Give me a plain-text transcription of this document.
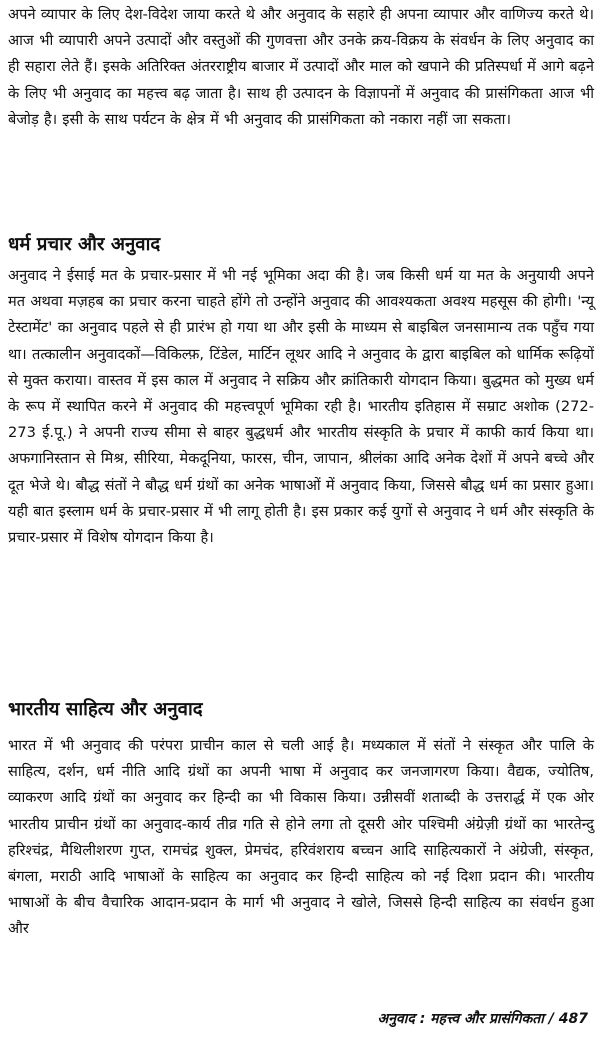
अपने व्यापार के लिए देश-विदेश जाया करते थे और अनुवाद के सहारे ही अपना व्यापार और वाणिज्य करते थे। आज भी व्यापारी अपने उत्पादों और वस्तुओं की गुणवत्ता और उनके क्रय-विक्रय के संवर्धन के लिए अनुवाद का ही सहारा लेते हैं। इसके अतिरिक्त अंतरराष्ट्रीय बाजार में उत्पादों और माल को खपाने की प्रतिस्पर्धा में आगे बढ़ने के लिए भी अनुवाद का महत्त्व बढ़ जाता है। साथ ही उत्पादन के विज्ञापनों में अनुवाद की प्रासंगिकता आज भी बेजोड़ है। इसी के साथ पर्यटन के क्षेत्र में भी अनुवाद की प्रासंगिकता को नकारा नहीं जा सकता।

धर्म प्रचार और अनुवाद

अनुवाद ने ईसाई मत के प्रचार-प्रसार में भी नई भूमिका अदा की है। जब किसी धर्म या मत के अनुयायी अपने मत अथवा मज़हब का प्रचार करना चाहते होंगे तो उन्होंने अनुवाद की आवश्यकता अवश्य महसूस की होगी। 'न्यू टेस्टामेंट' का अनुवाद पहले से ही प्रारंभ हो गया था और इसी के माध्यम से बाइबिल जनसामान्य तक पहुँच गया था। तत्कालीन अनुवादकों—विकिल्फ़, टिंडेल, मार्टिन लूथर आदि ने अनुवाद के द्वारा बाइबिल को धार्मिक रूढ़ियों से मुक्त कराया। वास्तव में इस काल में अनुवाद ने सक्रिय और क्रांतिकारी योगदान किया। बुद्धमत को मुख्य धर्म के रूप में स्थापित करने में अनुवाद की महत्त्वपूर्ण भूमिका रही है। भारतीय इतिहास में सम्राट अशोक (272-273 ई.पू.) ने अपनी राज्य सीमा से बाहर बुद्धधर्म और भारतीय संस्कृति के प्रचार में काफी कार्य किया था। अफगानिस्तान से मिश्र, सीरिया, मेकदूनिया, फारस, चीन, जापान, श्रीलंका आदि अनेक देशों में अपने बच्चे और दूत भेजे थे। बौद्ध संतों ने बौद्ध धर्म ग्रंथों का अनेक भाषाओं में अनुवाद किया, जिससे बौद्ध धर्म का प्रसार हुआ। यही बात इस्लाम धर्म के प्रचार-प्रसार में भी लागू होती है। इस प्रकार कई युगों से अनुवाद ने धर्म और संस्कृति के प्रचार-प्रसार में विशेष योगदान किया है।

भारतीय साहित्य और अनुवाद

भारत में भी अनुवाद की परंपरा प्राचीन काल से चली आई है। मध्यकाल में संतों ने संस्कृत और पालि के साहित्य, दर्शन, धर्म नीति आदि ग्रंथों का अपनी भाषा में अनुवाद कर जनजागरण किया। वैद्यक, ज्योतिष, व्याकरण आदि ग्रंथों का अनुवाद कर हिन्दी का भी विकास किया। उन्नीसवीं शताब्दी के उत्तरार्द्ध में एक ओर भारतीय प्राचीन ग्रंथों का अनुवाद-कार्य तीव्र गति से होने लगा तो दूसरी ओर पश्चिमी अंग्रेज़ी ग्रंथों का भारतेन्दु हरिश्चंद्र, मैथिलीशरण गुप्त, रामचंद्र शुक्ल, प्रेमचंद, हरिवंशराय बच्चन आदि साहित्यकारों ने अंग्रेजी, संस्कृत, बंगला, मराठी आदि भाषाओं के साहित्य का अनुवाद कर हिन्दी साहित्य को नई दिशा प्रदान की। भारतीय भाषाओं के बीच वैचारिक आदान-प्रदान के मार्ग भी अनुवाद ने खोले, जिससे हिन्दी साहित्य का संवर्धन हुआ और

अनुवाद : महत्त्व और प्रासंगिकता / 487
